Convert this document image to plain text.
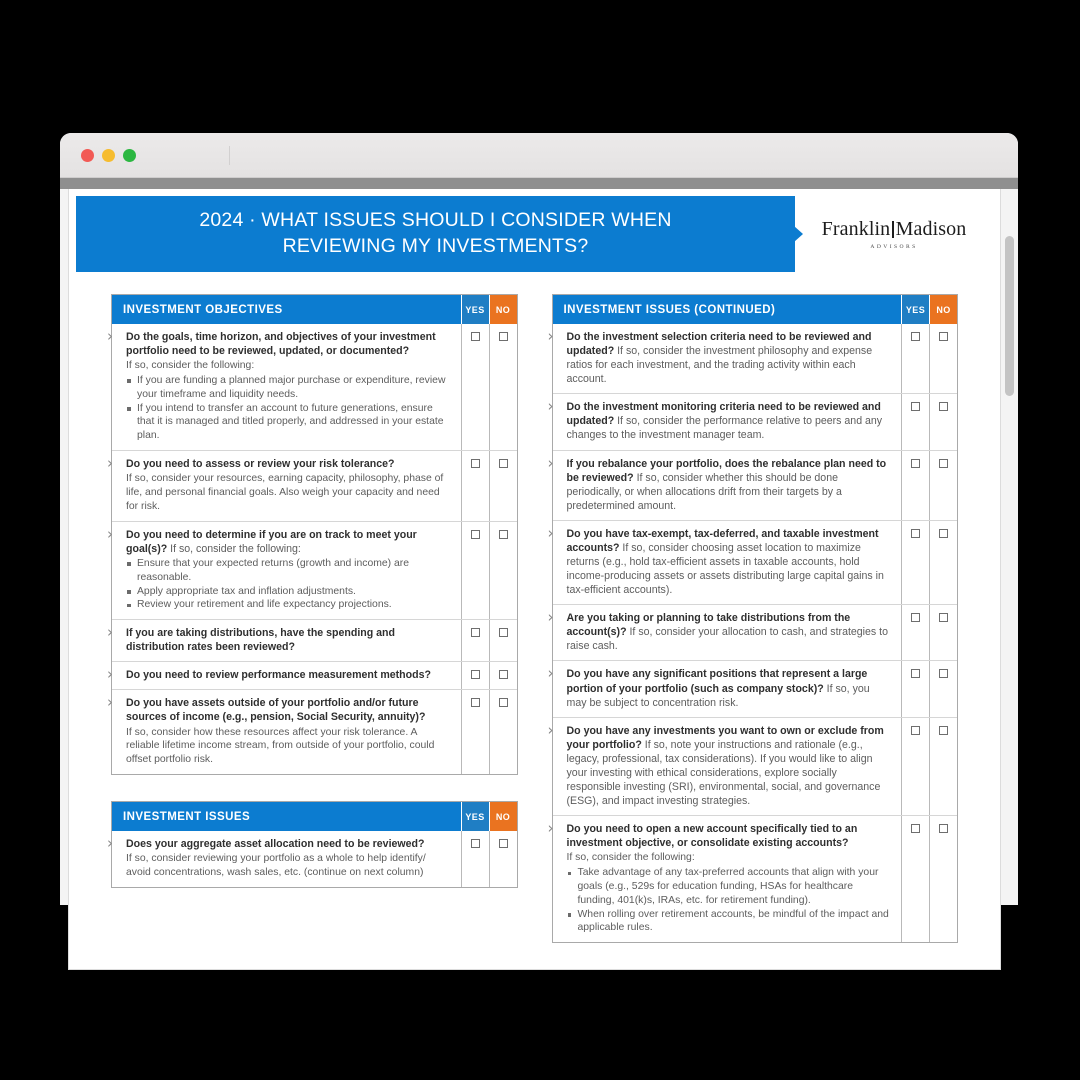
2024 · WHAT ISSUES SHOULD I CONSIDER WHEN
REVIEWING MY INVESTMENTS?
Franklin Madison
ADVISORS
INVESTMENT OBJECTIVES	YES	NO
›	Do the goals, time horizon, and objectives of your investment portfolio need to be reviewed, updated, or documented?
If so, consider the following:
If you are funding a planned major purchase or expenditure, review your timeframe and liquidity needs.
If you intend to transfer an account to future generations, ensure that it is managed and titled properly, and addressed in your estate plan.
›	Do you need to assess or review your risk tolerance?
If so, consider your resources, earning capacity, philosophy, phase of life, and personal financial goals. Also weigh your capacity and need for risk.
›	Do you need to determine if you are on track to meet your goal(s)? If so, consider the following:
Ensure that your expected returns (growth and income) are reasonable.
Apply appropriate tax and inflation adjustments.
Review your retirement and life expectancy projections.
›	If you are taking distributions, have the spending and distribution rates been reviewed?
›	Do you need to review performance measurement methods?
›	Do you have assets outside of your portfolio and/or future sources of income (e.g., pension, Social Security, annuity)?
If so, consider how these resources affect your risk tolerance. A reliable lifetime income stream, from outside of your portfolio, could offset portfolio risk.
INVESTMENT ISSUES	YES	NO
›	Does your aggregate asset allocation need to be reviewed?
If so, consider reviewing your portfolio as a whole to help identify/ avoid concentrations, wash sales, etc. (continue on next column)
INVESTMENT ISSUES (CONTINUED)	YES	NO
›	Do the investment selection criteria need to be reviewed and updated? If so, consider the investment philosophy and expense ratios for each investment, and the trading activity within each account.
›	Do the investment monitoring criteria need to be reviewed and updated? If so, consider the performance relative to peers and any changes to the investment manager team.
›	If you rebalance your portfolio, does the rebalance plan need to be reviewed? If so, consider whether this should be done periodically, or when allocations drift from their targets by a predetermined amount.
›	Do you have tax-exempt, tax-deferred, and taxable investment accounts? If so, consider choosing asset location to maximize returns (e.g., hold tax-efficient assets in taxable accounts, hold income-producing assets or assets distributing large capital gains in tax-efficient accounts).
›	Are you taking or planning to take distributions from the account(s)? If so, consider your allocation to cash, and strategies to raise cash.
›	Do you have any significant positions that represent a large portion of your portfolio (such as company stock)? If so, you may be subject to concentration risk.
›	Do you have any investments you want to own or exclude from your portfolio? If so, note your instructions and rationale (e.g., legacy, professional, tax considerations). If you would like to align your investing with ethical considerations, explore socially responsible investing (SRI), environmental, social, and governance (ESG), and impact investing strategies.
›	Do you need to open a new account specifically tied to an investment objective, or consolidate existing accounts?
If so, consider the following:
Take advantage of any tax-preferred accounts that align with your goals (e.g., 529s for education funding, HSAs for healthcare funding, 401(k)s, IRAs, etc. for retirement funding).
When rolling over retirement accounts, be mindful of the impact and applicable rules.
